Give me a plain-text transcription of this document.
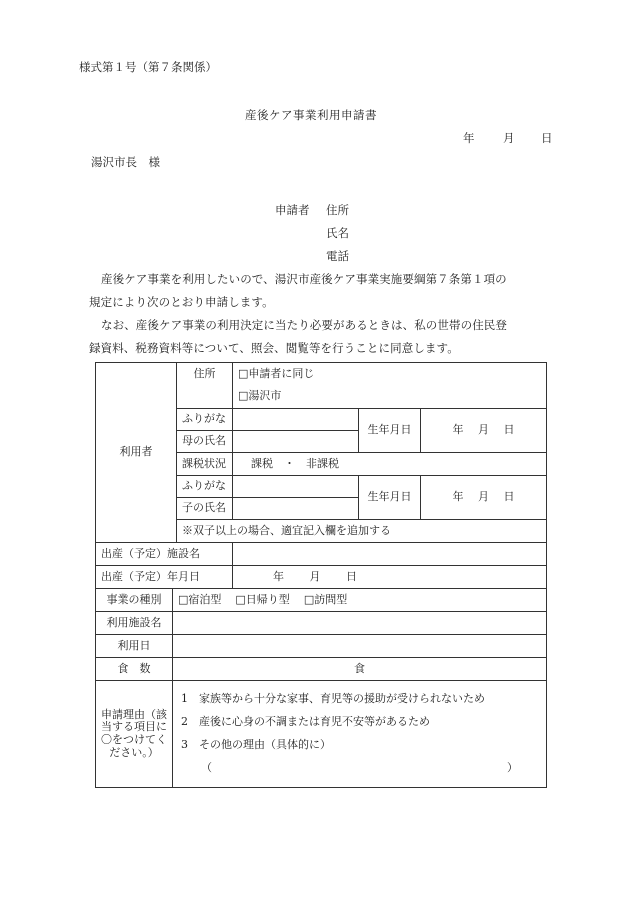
様式第１号（第７条関係）
産後ケア事業利用申請書
年 月 日
湯沢市長　様
申請者 住所
氏名
電話
産後ケア事業を利用したいので、湯沢市産後ケア事業実施要綱第７条第１項の
規定により次のとおり申請します。
なお、産後ケア事業の利用決定に当たり必要があるときは、私の世帯の住民登
録資料、税務資料等について、照会、閲覧等を行うことに同意します。
利用者		住所	□申請者に同じ		
			□湯沢市		
		ふりがな		生年月日	年　 月　 日
		母の氏名			
		課税状況	課税　・　非課税		
		ふりがな		生年月日	年　 月　 日
		子の氏名			
		※双子以上の場合、適宜記入欄を追加する			
出産（予定）施設名					
出産（予定）年月日			年　　 月　　 日		
事業の種別	□宿泊型 □日帰り型 □訪問型				
利用施設名					
利用日					
食　数	食				
申請理由（該当する項目に〇をつけてください。）	1　家族等から十分な家事、育児等の援助が受けられないため
2　産後に心身の不調または育児不安等があるため
3　その他の理由（具体的に）
（ ）				
